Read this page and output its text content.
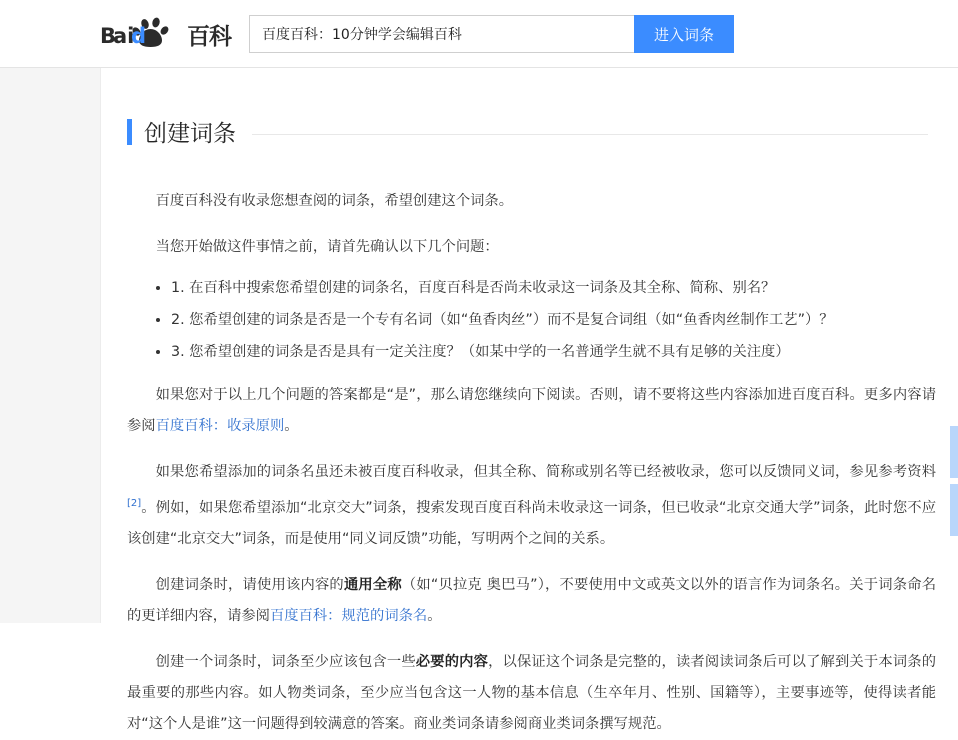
B
ai
d 百科
百度百科：10分钟学会编辑百科	进入词条
创建词条

百度百科没有收录您想查阅的词条，希望创建这个词条。

当您开始做这件事情之前，请首先确认以下几个问题：

• 1. 在百科中搜索您希望创建的词条名，百度百科是否尚未收录这一词条及其全称、简称、别名？
• 2. 您希望创建的词条是否是一个专有名词（如“鱼香肉丝”）而不是复合词组（如“鱼香肉丝制作工艺”）？
• 3. 您希望创建的词条是否是具有一定关注度？（如某中学的一名普通学生就不具有足够的关注度）

如果您对于以上几个问题的答案都是“是”，那么请您继续向下阅读。否则，请不要将这些内容添加进百度百科。更多内容请参阅百度百科：收录原则。

如果您希望添加的词条名虽还未被百度百科收录，但其全称、简称或别名等已经被收录，您可以反馈同义词，参见参考资料[2]。例如，如果您希望添加“北京交大”词条，搜索发现百度百科尚未收录这一词条，但已收录“北京交通大学”词条，此时您不应该创建“北京交大”词条，而是使用“同义词反馈”功能，写明两个之间的关系。

创建词条时，请使用该内容的通用全称（如“贝拉克 奥巴马”），不要使用中文或英文以外的语言作为词条名。关于词条命名的更详细内容，请参阅百度百科：规范的词条名。

创建一个词条时，词条至少应该包含一些必要的内容，以保证这个词条是完整的，读者阅读词条后可以了解到关于本词条的最重要的那些内容。如人物类词条，至少应当包含这一人物的基本信息（生卒年月、性别、国籍等），主要事迹等，使得读者能对“这个人是谁”这一问题得到较满意的答案。商业类词条请参阅商业类词条撰写规范。
